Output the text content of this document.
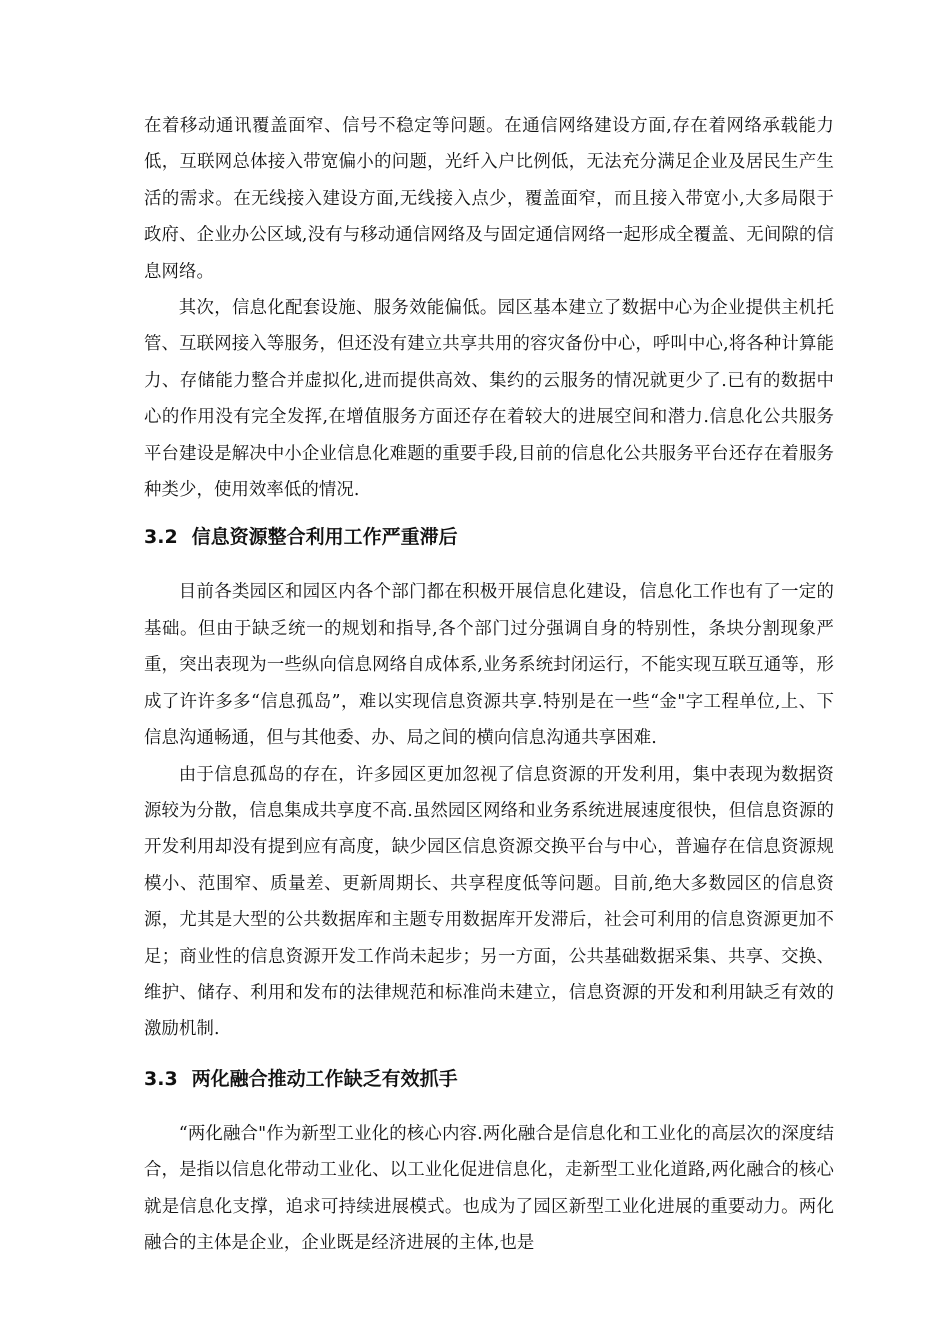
在着移动通讯覆盖面窄、信号不稳定等问题。在通信网络建设方面,存在着网络承载能力低，互联网总体接入带宽偏小的问题，光纤入户比例低，无法充分满足企业及居民生产生活的需求。在无线接入建设方面,无线接入点少，覆盖面窄，而且接入带宽小,大多局限于政府、企业办公区域,没有与移动通信网络及与固定通信网络一起形成全覆盖、无间隙的信息网络。

其次，信息化配套设施、服务效能偏低。园区基本建立了数据中心为企业提供主机托管、互联网接入等服务，但还没有建立共享共用的容灾备份中心，呼叫中心,将各种计算能力、存储能力整合并虚拟化,进而提供高效、集约的云服务的情况就更少了.已有的数据中心的作用没有完全发挥,在增值服务方面还存在着较大的进展空间和潜力.信息化公共服务平台建设是解决中小企业信息化难题的重要手段,目前的信息化公共服务平台还存在着服务种类少，使用效率低的情况.

3.2 信息资源整合利用工作严重滞后

目前各类园区和园区内各个部门都在积极开展信息化建设，信息化工作也有了一定的基础。但由于缺乏统一的规划和指导,各个部门过分强调自身的特别性，条块分割现象严重，突出表现为一些纵向信息网络自成体系,业务系统封闭运行，不能实现互联互通等，形成了许许多多“信息孤岛”，难以实现信息资源共享.特别是在一些“金"字工程单位,上、下信息沟通畅通，但与其他委、办、局之间的横向信息沟通共享困难.

由于信息孤岛的存在，许多园区更加忽视了信息资源的开发利用，集中表现为数据资源较为分散，信息集成共享度不高.虽然园区网络和业务系统进展速度很快，但信息资源的开发利用却没有提到应有高度，缺少园区信息资源交换平台与中心，普遍存在信息资源规模小、范围窄、质量差、更新周期长、共享程度低等问题。目前,绝大多数园区的信息资源，尤其是大型的公共数据库和主题专用数据库开发滞后，社会可利用的信息资源更加不足；商业性的信息资源开发工作尚未起步；另一方面，公共基础数据采集、共享、交换、维护、储存、利用和发布的法律规范和标准尚未建立，信息资源的开发和利用缺乏有效的激励机制.

3.3 两化融合推动工作缺乏有效抓手

“两化融合"作为新型工业化的核心内容.两化融合是信息化和工业化的高层次的深度结合，是指以信息化带动工业化、以工业化促进信息化，走新型工业化道路,两化融合的核心就是信息化支撑，追求可持续进展模式。也成为了园区新型工业化进展的重要动力。两化融合的主体是企业，企业既是经济进展的主体,也是
